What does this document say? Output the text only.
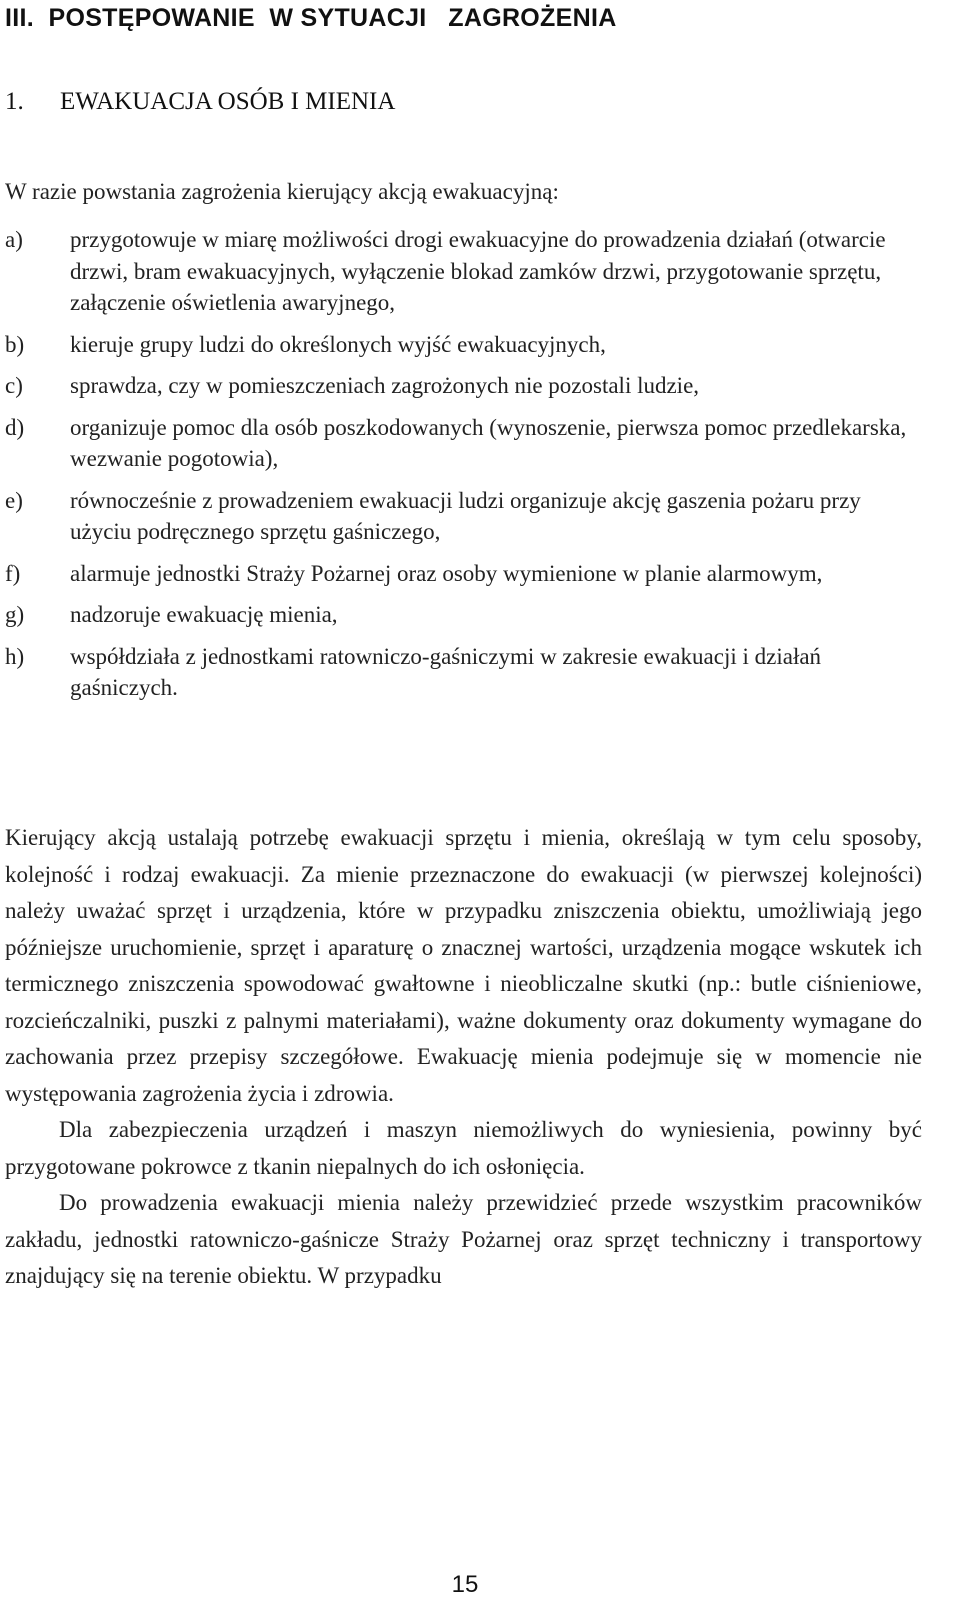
III.  POSTĘPOWANIE  W SYTUACJI   ZAGROŻENIA
1. EWAKUACJA OSÓB I MIENIA
W razie powstania zagrożenia kierujący akcją ewakuacyjną:
a)	przygotowuje w miarę możliwości drogi ewakuacyjne do prowadzenia działań (otwarcie drzwi, bram ewakuacyjnych, wyłączenie blokad zamków drzwi, przygotowanie sprzętu, załączenie oświetlenia awaryjnego,
b)	kieruje grupy ludzi do określonych wyjść ewakuacyjnych,
c)	sprawdza, czy w pomieszczeniach zagrożonych nie pozostali ludzie,
d)	organizuje pomoc dla osób poszkodowanych (wynoszenie, pierwsza pomoc przedlekarska, wezwanie pogotowia),
e)	równocześnie z prowadzeniem ewakuacji ludzi organizuje akcję gaszenia pożaru przy użyciu podręcznego sprzętu gaśniczego,
f)	alarmuje jednostki Straży Pożarnej oraz osoby wymienione w planie alarmowym,
g)	nadzoruje ewakuację mienia,
h)	współdziała z jednostkami ratowniczo-gaśniczymi w zakresie ewakuacji i działań gaśniczych.

Kierujący akcją ustalają potrzebę ewakuacji sprzętu i mienia, określają w tym celu sposoby, kolejność i rodzaj ewakuacji. Za mienie przeznaczone do ewakuacji (w pierwszej kolejności) należy uważać sprzęt i urządzenia, które w przypadku zniszczenia obiektu, umożliwiają jego późniejsze uruchomienie, sprzęt i aparaturę o znacznej wartości, urządzenia mogące wskutek ich termicznego zniszczenia spowodować gwałtowne i nieobliczalne skutki (np.: butle ciśnieniowe, rozcieńczalniki, puszki z palnymi materiałami), ważne dokumenty oraz dokumenty wymagane do zachowania przez przepisy szczegółowe. Ewakuację mienia podejmuje się w momencie nie występowania zagrożenia życia i zdrowia.

Dla zabezpieczenia urządzeń i maszyn niemożliwych do wyniesienia, powinny być przygotowane pokrowce z tkanin niepalnych do ich osłonięcia.

Do prowadzenia ewakuacji mienia należy przewidzieć przede wszystkim pracowników zakładu, jednostki ratowniczo-gaśnicze Straży Pożarnej oraz sprzęt techniczny i transportowy znajdujący się na terenie obiektu. W przypadku

15
